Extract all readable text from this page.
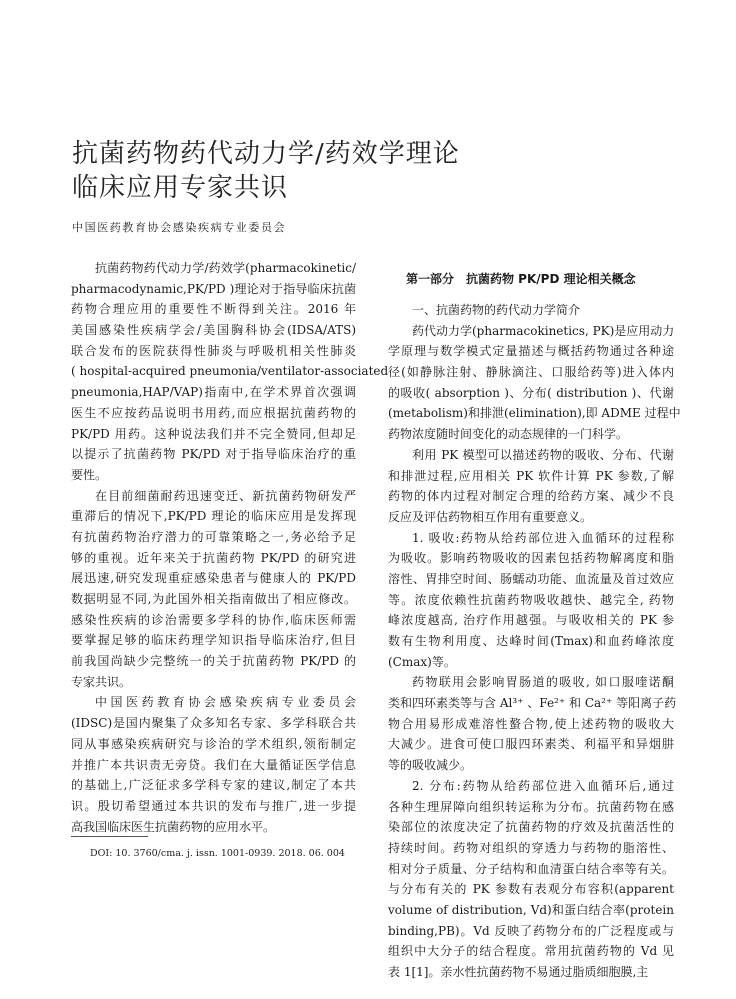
抗菌药物药代动力学/药效学理论
临床应用专家共识
中国医药教育协会感染疾病专业委员会
抗菌药物药代动力学/药效学(pharmacokinetic/
pharmacodynamic,PK/PD )理论对于指导临床抗菌
药物合理应用的重要性不断得到关注。2016 年
美国感染性疾病学会/美国胸科协会(IDSA/ATS)
联合发布的医院获得性肺炎与呼吸机相关性肺炎
( hospital-acquired pneumonia/ventilator-associated
pneumonia,HAP/VAP)指南中,在学术界首次强调
医生不应按药品说明书用药,而应根据抗菌药物的
PK/PD 用药。这种说法我们并不完全赞同,但却足
以提示了抗菌药物 PK/PD 对于指导临床治疗的重
要性。
在目前细菌耐药迅速变迁、新抗菌药物研发严
重滞后的情况下,PK/PD 理论的临床应用是发挥现
有抗菌药物治疗潜力的可靠策略之一,务必给予足
够的重视。近年来关于抗菌药物 PK/PD 的研究进
展迅速,研究发现重症感染患者与健康人的 PK/PD
数据明显不同,为此国外相关指南做出了相应修改。
感染性疾病的诊治需要多学科的协作,临床医师需
要掌握足够的临床药理学知识指导临床治疗,但目
前我国尚缺少完整统一的关于抗菌药物 PK/PD 的
专家共识。
中国医药教育协会感染疾病专业委员会
(IDSC)是国内聚集了众多知名专家、多学科联合共
同从事感染疾病研究与诊治的学术组织,领衔制定
并推广本共识责无旁贷。我们在大量循证医学信息
的基础上,广泛征求多学科专家的建议,制定了本共
识。殷切希望通过本共识的发布与推广,进一步提
高我国临床医生抗菌药物的应用水平。
DOI: 10. 3760/cma. j. issn. 1001-0939. 2018. 06. 004
第一部分　抗菌药物 PK/PD 理论相关概念
一、抗菌药物的药代动力学简介
药代动力学(pharmacokinetics, PK)是应用动力
学原理与数学模式定量描述与概括药物通过各种途
径(如静脉注射、静脉滴注、口服给药等)进入体内
的吸收( absorption )、分布( distribution )、代谢
(metabolism)和排泄(elimination),即 ADME 过程中
药物浓度随时间变化的动态规律的一门科学。
利用 PK 模型可以描述药物的吸收、分布、代谢
和排泄过程,应用相关 PK 软件计算 PK 参数,了解
药物的体内过程对制定合理的给药方案、减少不良
反应及评估药物相互作用有重要意义。
1. 吸收:药物从给药部位进入血循环的过程称
为吸收。影响药物吸收的因素包括药物解离度和脂
溶性、胃排空时间、肠蠕动功能、血流量及首过效应
等。浓度依赖性抗菌药物吸收越快、越完全, 药物
峰浓度越高, 治疗作用越强。与吸收相关的 PK 参
数有生物利用度、达峰时间(Tmax)和血药峰浓度
(Cmax)等。
药物联用会影响胃肠道的吸收, 如口服喹诺酮
类和四环素类等与含 Al³⁺ 、Fe²⁺ 和 Ca²⁺ 等阳离子药
物合用易形成难溶性螯合物,使上述药物的吸收大
大减少。进食可使口服四环素类、利福平和异烟肼
等的吸收减少。
2. 分布:药物从给药部位进入血循环后,通过
各种生理屏障向组织转运称为分布。抗菌药物在感
染部位的浓度决定了抗菌药物的疗效及抗菌活性的
持续时间。药物对组织的穿透力与药物的脂溶性、
相对分子质量、分子结构和血清蛋白结合率等有关。
与分布有关的 PK 参数有表观分布容积(apparent
volume of distribution, Vd)和蛋白结合率(protein
binding,PB)。Vd 反映了药物分布的广泛程度或与
组织中大分子的结合程度。常用抗菌药物的 Vd 见
表 1[1]。亲水性抗菌药物不易通过脂质细胞膜,主
